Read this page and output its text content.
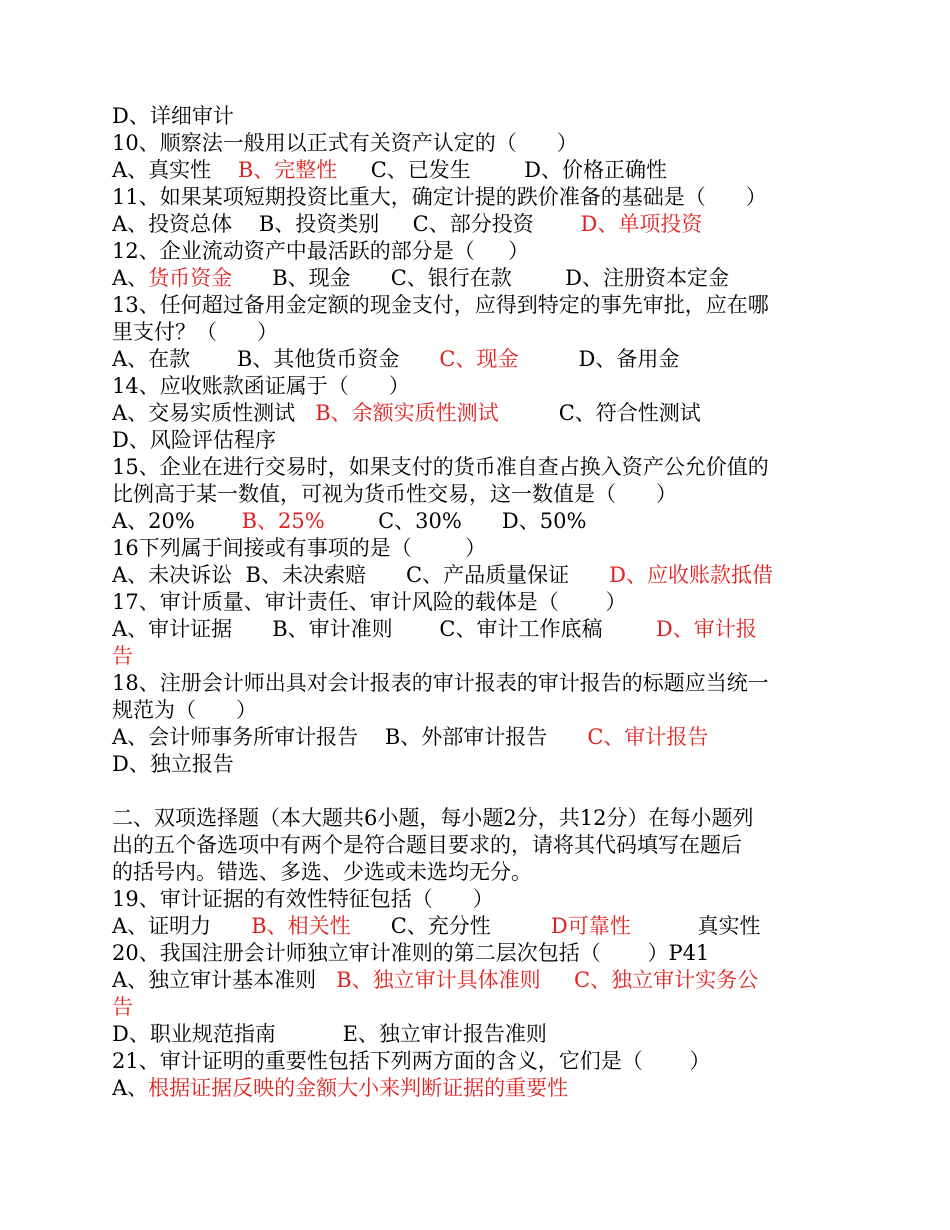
D、详细审计
10、顺察法一般用以正式有关资产认定的（      ）
A、真实性    B、完整性     C、已发生        D、价格正确性
11、如果某项短期投资比重大，确定计提的跌价准备的基础是（      ）
A、投资总体    B、投资类别     C、部分投资       D、单项投资
12、企业流动资产中最活跃的部分是（     ）
A、货币资金      B、现金      C、银行在款        D、注册资本定金
13、任何超过备用金定额的现金支付，应得到特定的事先审批，应在哪
里支付？（      ）
A、在款       B、其他货币资金      C、现金         D、备用金
14、应收账款函证属于（      ）
A、交易实质性测试   B、余额实质性测试         C、符合性测试
D、风险评估程序
15、企业在进行交易时，如果支付的货币准自查占换入资产公允价值的
比例高于某一数值，可视为货币性交易，这一数值是（      ）
A、20%       B、25%        C、30%      D、50%
16下列属于间接或有事项的是（        ）
A、未决诉讼  B、未决索赔      C、产品质量保证      D、应收账款抵借
17、审计质量、审计责任、审计风险的载体是（       ）
A、审计证据      B、审计准则       C、审计工作底稿        D、审计报
告
18、注册会计师出具对会计报表的审计报表的审计报告的标题应当统一
规范为（      ）
A、会计师事务所审计报告    B、外部审计报告      C、审计报告
D、独立报告
二、双项选择题（本大题共6小题，每小题2分，共12分）在每小题列
出的五个备选项中有两个是符合题目要求的，请将其代码填写在题后
的括号内。错选、多选、少选或未选均无分。
19、审计证据的有效性特征包括（      ）
A、证明力      B、相关性      C、充分性         D可靠性          真实性
20、我国注册会计师独立审计准则的第二层次包括（       ）P41
A、独立审计基本准则   B、独立审计具体准则     C、独立审计实务公
告
D、职业规范指南          E、独立审计报告准则
21、审计证明的重要性包括下列两方面的含义，它们是（       ）
A、根据证据反映的金额大小来判断证据的重要性
